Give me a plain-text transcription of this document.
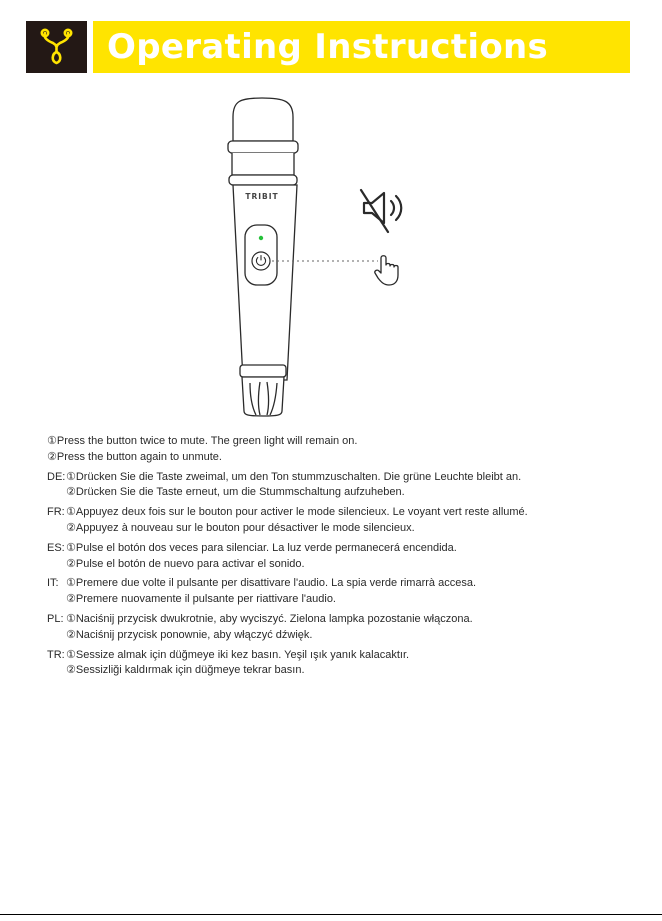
Operating Instructions
TRIBIT
①Press the button twice to mute. The green light will remain on.
②Press the button again to unmute.
DE: ①Drücken Sie die Taste zweimal, um den Ton stummzuschalten. Die grüne Leuchte bleibt an.
②Drücken Sie die Taste erneut, um die Stummschaltung aufzuheben.
FR: ①Appuyez deux fois sur le bouton pour activer le mode silencieux. Le voyant vert reste allumé.
②Appuyez à nouveau sur le bouton pour désactiver le mode silencieux.
ES: ①Pulse el botón dos veces para silenciar. La luz verde permanecerá encendida.
②Pulse el botón de nuevo para activar el sonido.
IT: ①Premere due volte il pulsante per disattivare l'audio. La spia verde rimarrà accesa.
②Premere nuovamente il pulsante per riattivare l'audio.
PL: ①Naciśnij przycisk dwukrotnie, aby wyciszyć. Zielona lampka pozostanie włączona.
②Naciśnij przycisk ponownie, aby włączyć dźwięk.
TR: ①Sessize almak için düğmeye iki kez basın. Yeşil ışık yanık kalacaktır.
②Sessizliği kaldırmak için düğmeye tekrar basın.
